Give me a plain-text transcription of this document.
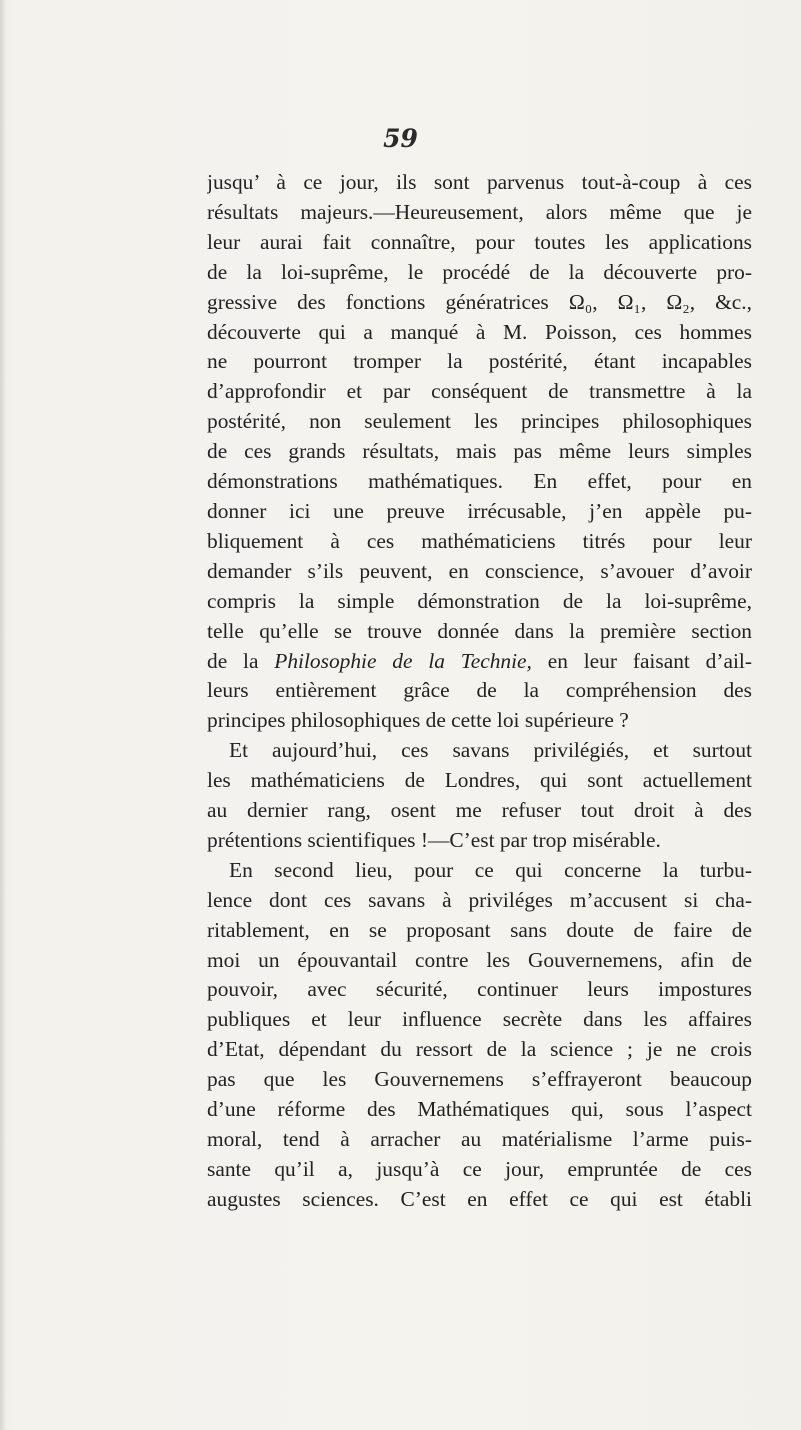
59
jusqu’ à ce jour, ils sont parvenus tout-à-coup à ces
résultats majeurs.—Heureusement, alors même que je
leur aurai fait connaître, pour toutes les applications
de la loi-suprême, le procédé de la découverte pro-
gressive des fonctions génératrices Ω₀, Ω₁, Ω₂, &c.,
découverte qui a manqué à M. Poisson, ces hommes
ne pourront tromper la postérité, étant incapables
d’approfondir et par conséquent de transmettre à la
postérité, non seulement les principes philosophiques
de ces grands résultats, mais pas même leurs simples
démonstrations mathématiques. En effet, pour en
donner ici une preuve irrécusable, j’en appèle pu-
bliquement à ces mathématiciens titrés pour leur
demander s’ils peuvent, en conscience, s’avouer d’avoir
compris la simple démonstration de la loi-suprême,
telle qu’elle se trouve donnée dans la première section
de la Philosophie de la Technie, en leur faisant d’ail-
leurs entièrement grâce de la compréhension des
principes philosophiques de cette loi supérieure ?
Et aujourd’hui, ces savans privilégiés, et surtout
les mathématiciens de Londres, qui sont actuellement
au dernier rang, osent me refuser tout droit à des
prétentions scientifiques !—C’est par trop misérable.
En second lieu, pour ce qui concerne la turbu-
lence dont ces savans à priviléges m’accusent si cha-
ritablement, en se proposant sans doute de faire de
moi un épouvantail contre les Gouvernemens, afin de
pouvoir, avec sécurité, continuer leurs impostures
publiques et leur influence secrète dans les affaires
d’Etat, dépendant du ressort de la science ; je ne crois
pas que les Gouvernemens s’effrayeront beaucoup
d’une réforme des Mathématiques qui, sous l’aspect
moral, tend à arracher au matérialisme l’arme puis-
sante qu’il a, jusqu’à ce jour, empruntée de ces
augustes sciences. C’est en effet ce qui est établi
